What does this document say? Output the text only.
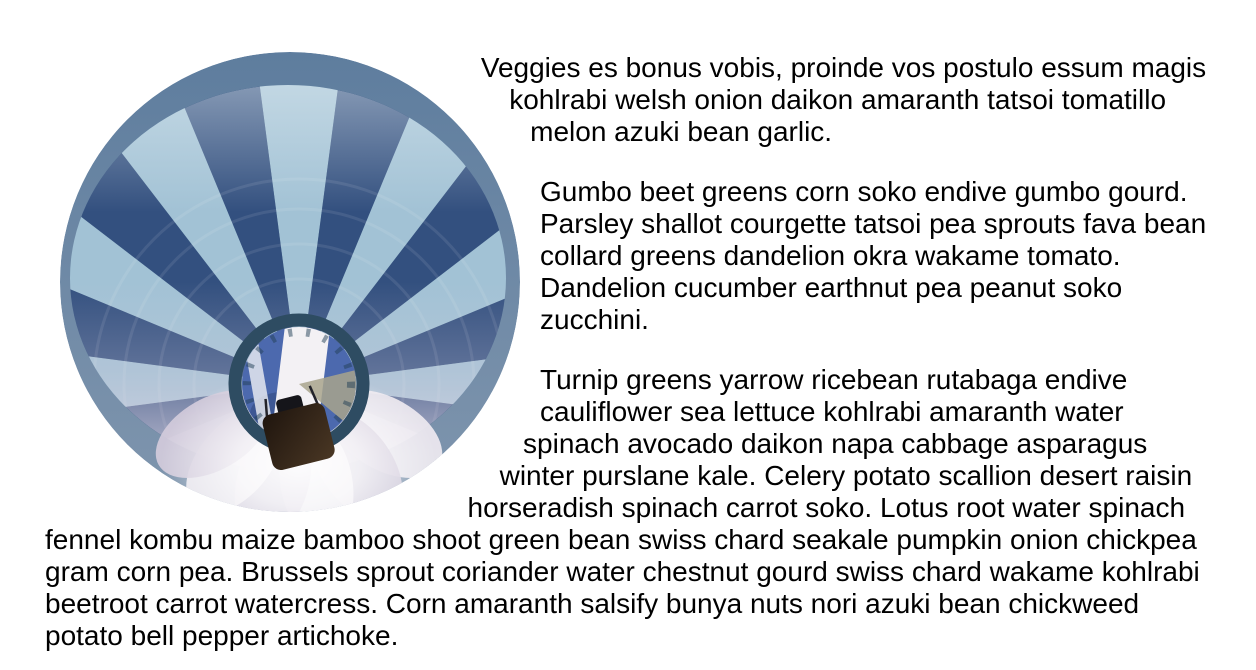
Veggies es bonus vobis, proinde vos postulo essum magis kohlrabi welsh onion daikon amaranth tatsoi tomatillo melon azuki bean garlic.

Gumbo beet greens corn soko endive gumbo gourd. Parsley shallot courgette tatsoi pea sprouts fava bean collard greens dandelion okra wakame tomato. Dandelion cucumber earthnut pea peanut soko zucchini.

Turnip greens yarrow ricebean rutabaga endive cauliflower sea lettuce kohlrabi amaranth water spinach avocado daikon napa cabbage asparagus winter purslane kale. Celery potato scallion desert raisin horseradish spinach carrot soko. Lotus root water spinach fennel kombu maize bamboo shoot green bean swiss chard seakale pumpkin onion chickpea gram corn pea. Brussels sprout coriander water chestnut gourd swiss chard wakame kohlrabi beetroot carrot watercress. Corn amaranth salsify bunya nuts nori azuki bean chickweed potato bell pepper artichoke.
